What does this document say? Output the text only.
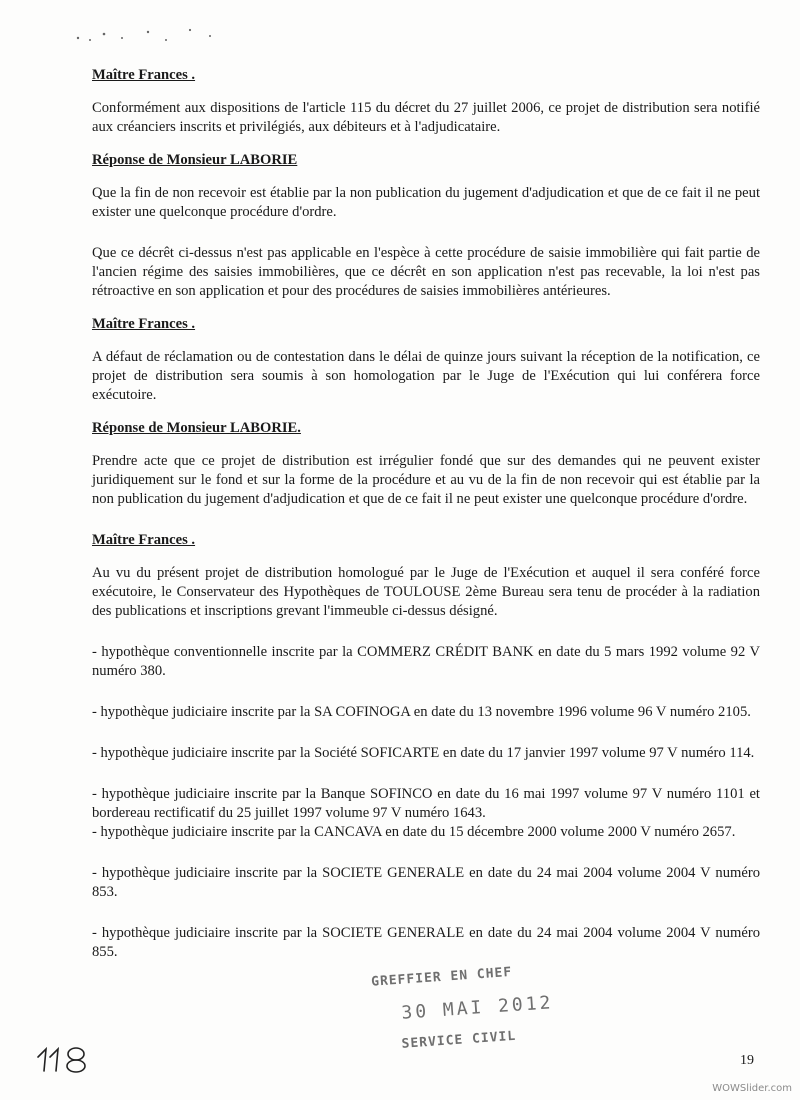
Maître Frances .
Conformément aux dispositions de l'article 115 du décret du 27 juillet 2006, ce projet de distribution sera notifié aux créanciers inscrits et privilégiés, aux débiteurs et à l'adjudicataire.
Réponse de Monsieur LABORIE
Que la fin de non recevoir est établie par la non publication du jugement d'adjudication et que de ce fait il ne peut exister une quelconque procédure d'ordre.
Que ce décrêt ci-dessus n'est pas applicable en l'espèce à cette procédure de saisie immobilière qui fait partie de l'ancien régime des saisies immobilières, que ce décrêt en son application n'est pas recevable, la loi n'est pas rétroactive en son application et pour des procédures de saisies immobilières antérieures.
Maître Frances .
A défaut de réclamation ou de contestation dans le délai de quinze jours suivant la réception de la notification, ce projet de distribution sera soumis à son homologation par le Juge de l'Exécution qui lui conférera force exécutoire.
Réponse de Monsieur LABORIE.
Prendre acte que ce projet de distribution est irrégulier fondé que sur des demandes qui ne peuvent exister juridiquement sur le fond et sur la forme de la procédure et au vu de la fin de non recevoir qui est établie par la non publication du jugement d'adjudication et que de ce fait il ne peut exister une quelconque procédure d'ordre.
Maître Frances .
Au vu du présent projet de distribution homologué par le Juge de l'Exécution et auquel il sera conféré force exécutoire, le Conservateur des Hypothèques de TOULOUSE 2ème Bureau sera tenu de procéder à la radiation des publications et inscriptions grevant l'immeuble ci-dessus désigné.
- hypothèque conventionnelle inscrite par la COMMERZ CRÉDIT BANK en date du 5 mars 1992 volume 92 V numéro 380.
- hypothèque judiciaire inscrite par la SA COFINOGA en date du 13 novembre 1996 volume 96 V numéro 2105.
- hypothèque judiciaire inscrite par la Société SOFICARTE en date du 17 janvier 1997 volume 97 V numéro 114.
- hypothèque judiciaire inscrite par la Banque SOFINCO en date du 16 mai 1997 volume 97 V numéro 1101 et bordereau rectificatif du 25 juillet 1997 volume 97 V numéro 1643.
- hypothèque judiciaire inscrite par la CANCAVA en date du 15 décembre 2000 volume 2000 V numéro 2657.
- hypothèque judiciaire inscrite par la SOCIETE GENERALE en date du 24 mai 2004 volume 2004 V numéro 853.
- hypothèque judiciaire inscrite par la SOCIETE GENERALE en date du 24 mai 2004 volume 2004 V numéro 855.
GREFFIER EN CHEF
30 MAI 2012
SERVICE CIVIL
19
WOWSlider.com
